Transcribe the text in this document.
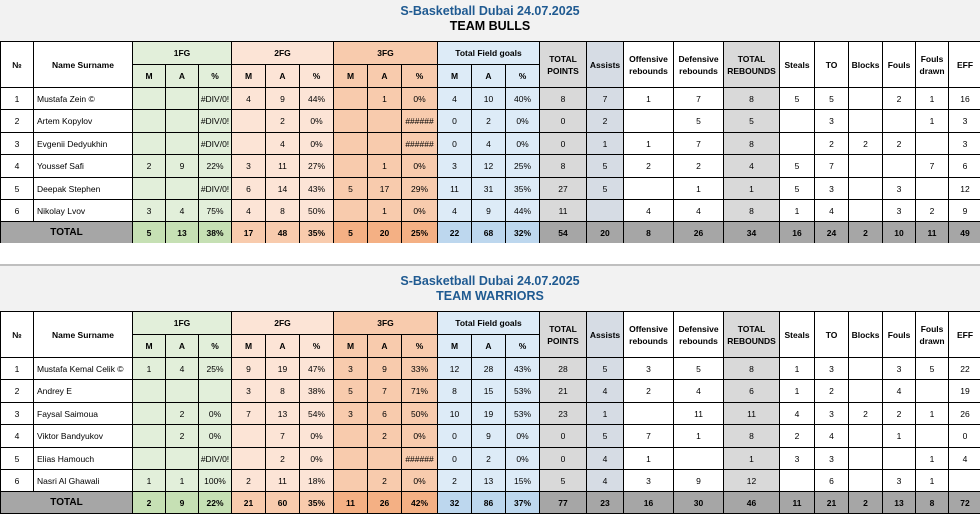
S-Basketball Dubai 24.07.2025
TEAM BULLS
№	Name Surname	1FG			2FG			3FG			Total Field goals			TOTAL POINTS	Assists	Offensive rebounds	Defensive rebounds	TOTAL REBOUNDS	Steals	TO	Blocks	Fouls	Fouls drawn	EFF
		M	A	%	M	A	%	M	A	%	M	A	%											
1	Mustafa Zein ©			#DIV/0!	4	9	44%		1	0%	4	10	40%	8	7	1	7	8	5	5		2	1	16
2	Artem Kopylov			#DIV/0!		2	0%			######	0	2	0%	0	2		5	5		3			1	3
3	Evgenii Dedyukhin			#DIV/0!		4	0%			######	0	4	0%	0	1	1	7	8		2	2	2		3
4	Youssef Safi	2	9	22%	3	11	27%		1	0%	3	12	25%	8	5	2	2	4	5	7			7	6
5	Deepak Stephen			#DIV/0!	6	14	43%	5	17	29%	11	31	35%	27	5		1	1	5	3		3		12
6	Nikolay Lvov	3	4	75%	4	8	50%		1	0%	4	9	44%	11		4	4	8	1	4		3	2	9
TOTAL		5	13	38%	17	48	35%	5	20	25%	22	68	32%	54	20	8	26	34	16	24	2	10	11	49
S-Basketball Dubai 24.07.2025
TEAM WARRIORS
№	Name Surname	1FG			2FG			3FG			Total Field goals			TOTAL POINTS	Assists	Offensive rebounds	Defensive rebounds	TOTAL REBOUNDS	Steals	TO	Blocks	Fouls	Fouls drawn	EFF
		M	A	%	M	A	%	M	A	%	M	A	%											
1	Mustafa Kemal Celik ©	1	4	25%	9	19	47%	3	9	33%	12	28	43%	28	5	3	5	8	1	3		3	5	22
2	Andrey E				3	8	38%	5	7	71%	8	15	53%	21	4	2	4	6	1	2		4		19
3	Faysal Saimoua		2	0%	7	13	54%	3	6	50%	10	19	53%	23	1		11	11	4	3	2	2	1	26
4	Viktor Bandyukov		2	0%		7	0%		2	0%	0	9	0%	0	5	7	1	8	2	4		1		0
5	Elias Hamouch			#DIV/0!		2	0%			######	0	2	0%	0	4	1		1	3	3			1	4
6	Nasri Al Ghawali	1	1	100%	2	11	18%		2	0%	2	13	15%	5	4	3	9	12		6		3	1	
TOTAL		2	9	22%	21	60	35%	11	26	42%	32	86	37%	77	23	16	30	46	11	21	2	13	8	72
